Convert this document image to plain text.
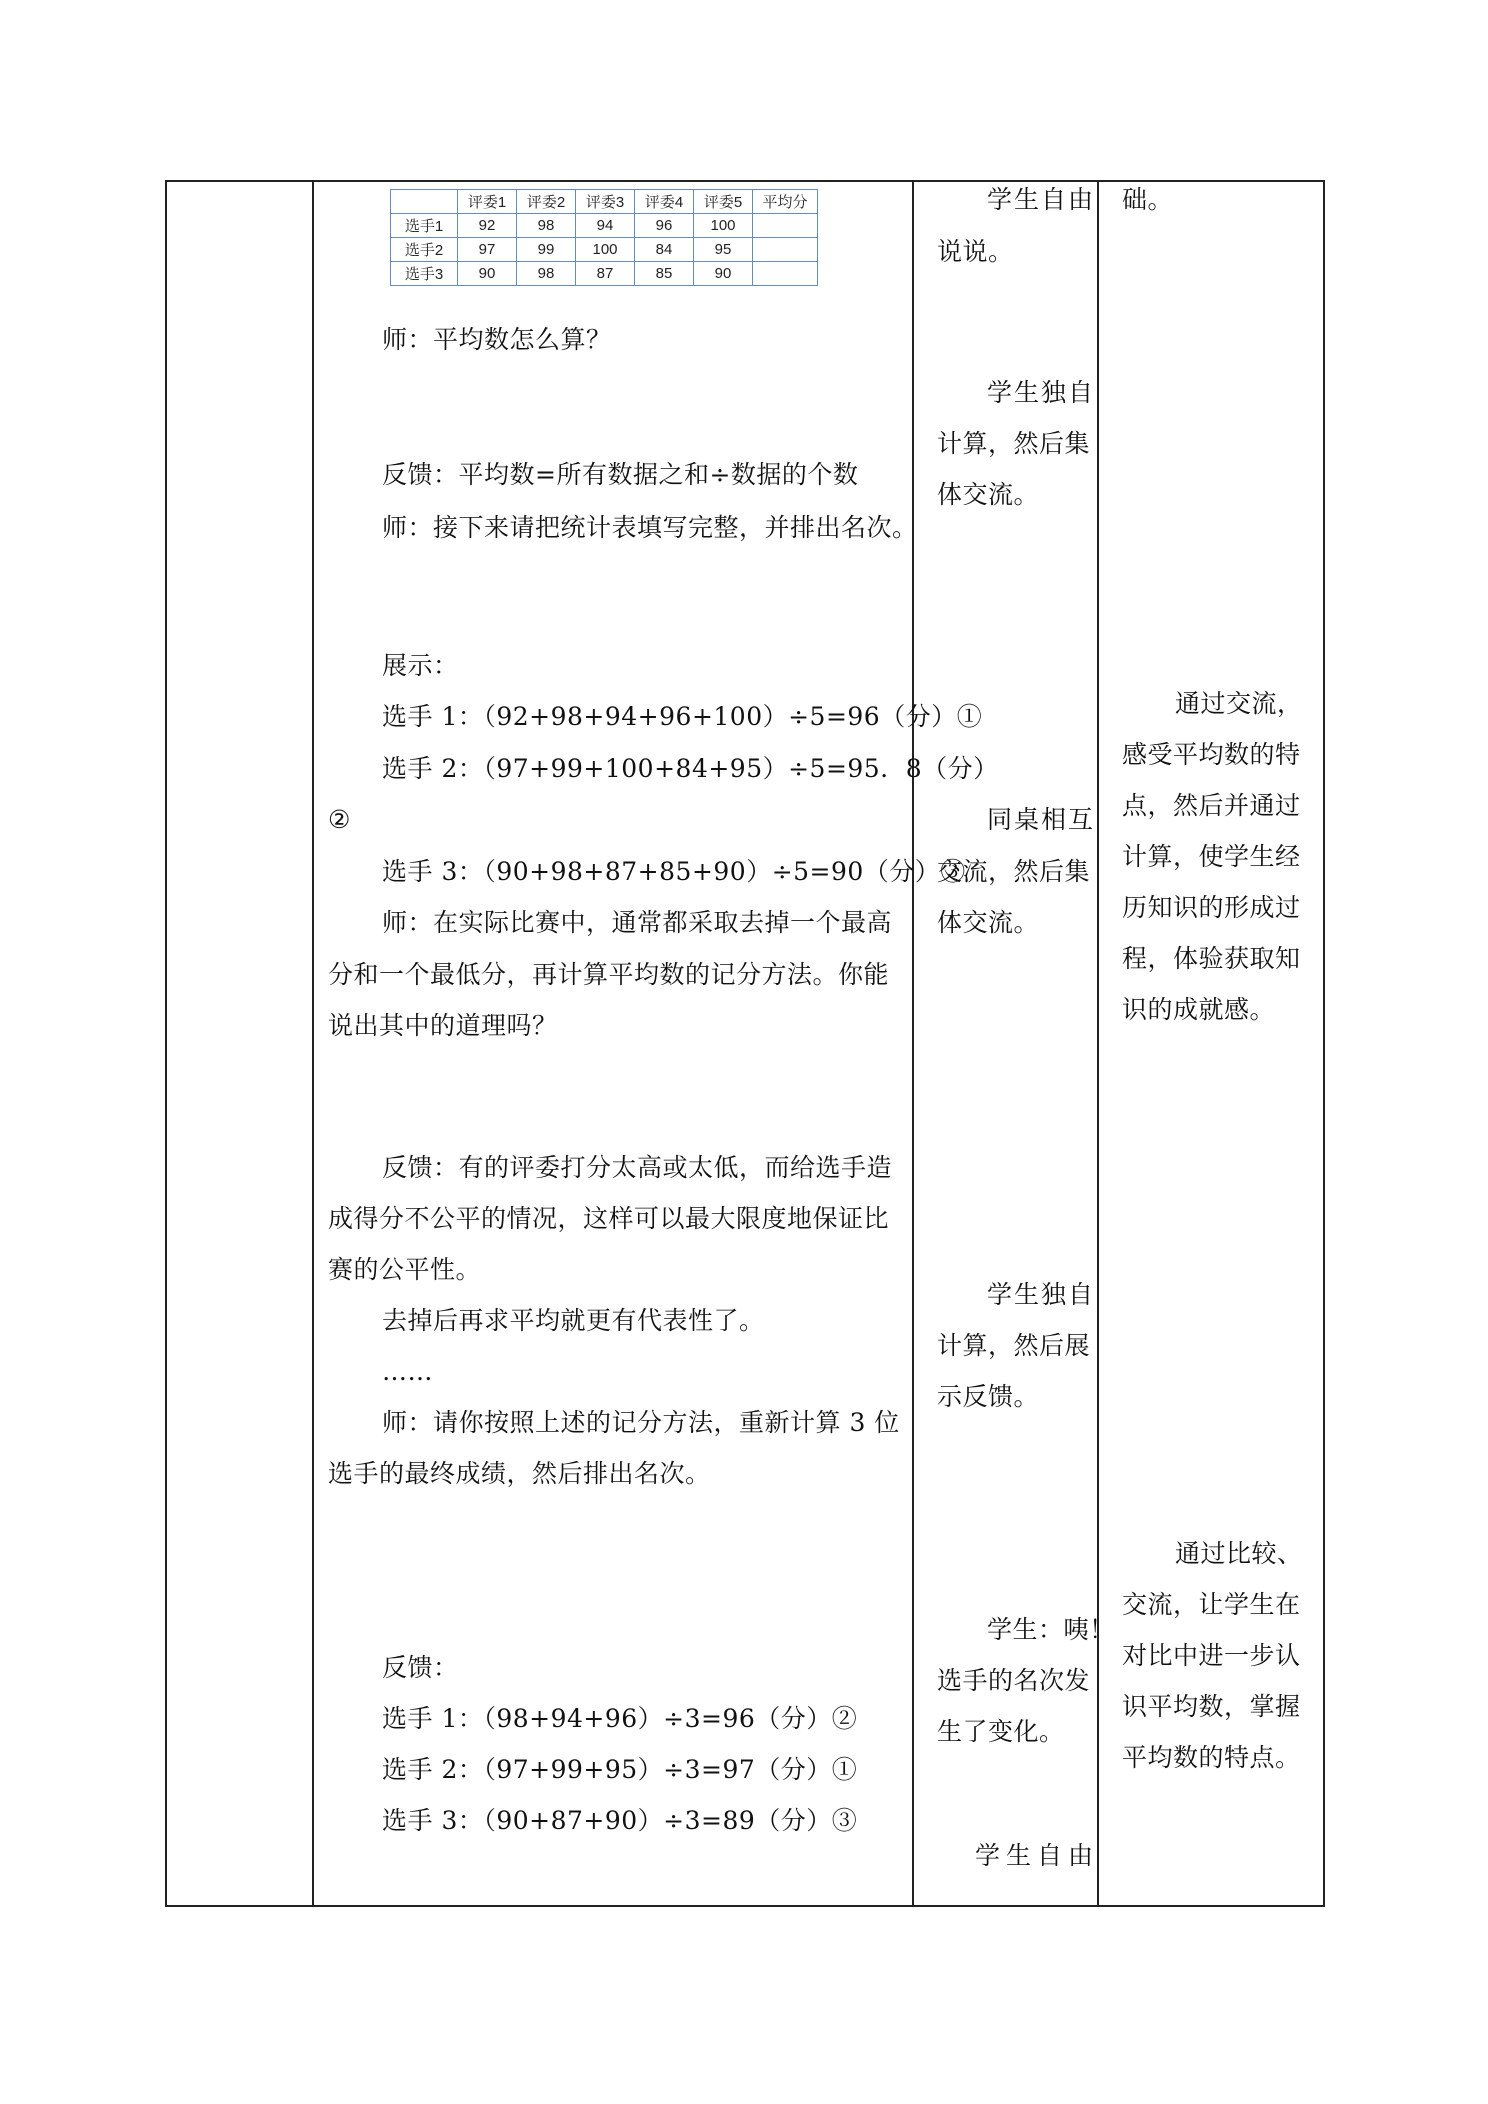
	评委1	评委2	评委3	评委4	评委5	平均分
选手1	92	98	94	96	100	
选手2	97	99	100	84	95	
选手3	90	98	87	85	90	
师：平均数怎么算？
反馈：平均数=所有数据之和÷数据的个数
师：接下来请把统计表填写完整，并排出名次。
展示：
选手 1：（92+98+94+96+100）÷5=96（分）①
选手 2：（97+99+100+84+95）÷5=95．8（分）
②
选手 3：（90+98+87+85+90）÷5=90（分）③
师：在实际比赛中，通常都采取去掉一个最高
分和一个最低分，再计算平均数的记分方法。你能
说出其中的道理吗？
反馈：有的评委打分太高或太低，而给选手造
成得分不公平的情况，这样可以最大限度地保证比
赛的公平性。
去掉后再求平均就更有代表性了。
……
师：请你按照上述的记分方法，重新计算 3 位
选手的最终成绩，然后排出名次。
反馈：
选手 1：（98+94+96）÷3=96（分）②
选手 2：（97+99+95）÷3=97（分）①
选手 3：（90+87+90）÷3=89（分）③
学生自由
说说。
学生独自
计算，然后集
体交流。
同桌相互
交流，然后集
体交流。
学生独自
计算，然后展
示反馈。
学生：咦！
选手的名次发
生了变化。
学生自由
础。
通过交流，
感受平均数的特
点，然后并通过
计算，使学生经
历知识的形成过
程，体验获取知
识的成就感。
通过比较、
交流，让学生在
对比中进一步认
识平均数，掌握
平均数的特点。
